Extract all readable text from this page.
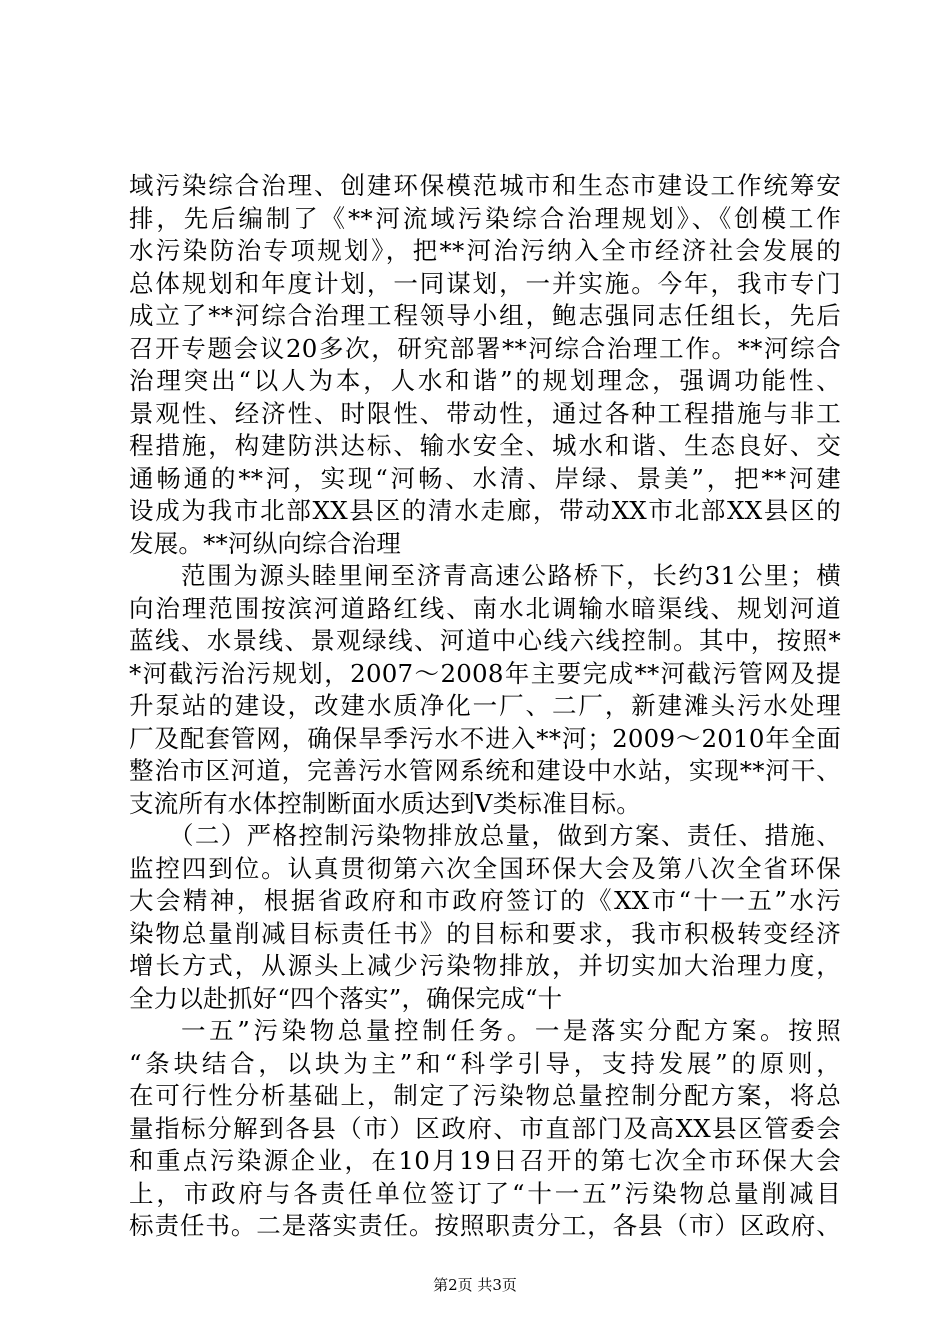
域污染综合治理、创建环保模范城市和生态市建设工作统筹安
排，先后编制了《**河流域污染综合治理规划》、《创模工作
水污染防治专项规划》，把**河治污纳入全市经济社会发展的
总体规划和年度计划，一同谋划，一并实施。今年，我市专门
成立了**河综合治理工程领导小组，鲍志强同志任组长，先后
召开专题会议20多次，研究部署**河综合治理工作。**河综合
治理突出“以人为本，人水和谐”的规划理念，强调功能性、
景观性、经济性、时限性、带动性，通过各种工程措施与非工
程措施，构建防洪达标、输水安全、城水和谐、生态良好、交
通畅通的**河，实现“河畅、水清、岸绿、景美”，把**河建
设成为我市北部XX县区的清水走廊，带动XX市北部XX县区的
发展。**河纵向综合治理
范围为源头睦里闸至济青高速公路桥下，长约31公里；横
向治理范围按滨河道路红线、南水北调输水暗渠线、规划河道
蓝线、水景线、景观绿线、河道中心线六线控制。其中，按照*
*河截污治污规划，2007～2008年主要完成**河截污管网及提
升泵站的建设，改建水质净化一厂、二厂，新建滩头污水处理
厂及配套管网，确保旱季污水不进入**河；2009～2010年全面
整治市区河道，完善污水管网系统和建设中水站，实现**河干、
支流所有水体控制断面水质达到Ⅴ类标准目标。
（二）严格控制污染物排放总量，做到方案、责任、措施、
监控四到位。认真贯彻第六次全国环保大会及第八次全省环保
大会精神，根据省政府和市政府签订的《XX市“十一五”水污
染物总量削减目标责任书》的目标和要求，我市积极转变经济
增长方式，从源头上减少污染物排放，并切实加大治理力度，
全力以赴抓好“四个落实”，确保完成“十
一五”污染物总量控制任务。一是落实分配方案。按照
“条块结合，以块为主”和“科学引导，支持发展”的原则，
在可行性分析基础上，制定了污染物总量控制分配方案，将总
量指标分解到各县（市）区政府、市直部门及高XX县区管委会
和重点污染源企业，在10月19日召开的第七次全市环保大会
上，市政府与各责任单位签订了“十一五”污染物总量削减目
标责任书。二是落实责任。按照职责分工，各县（市）区政府、
第2页 共3页
